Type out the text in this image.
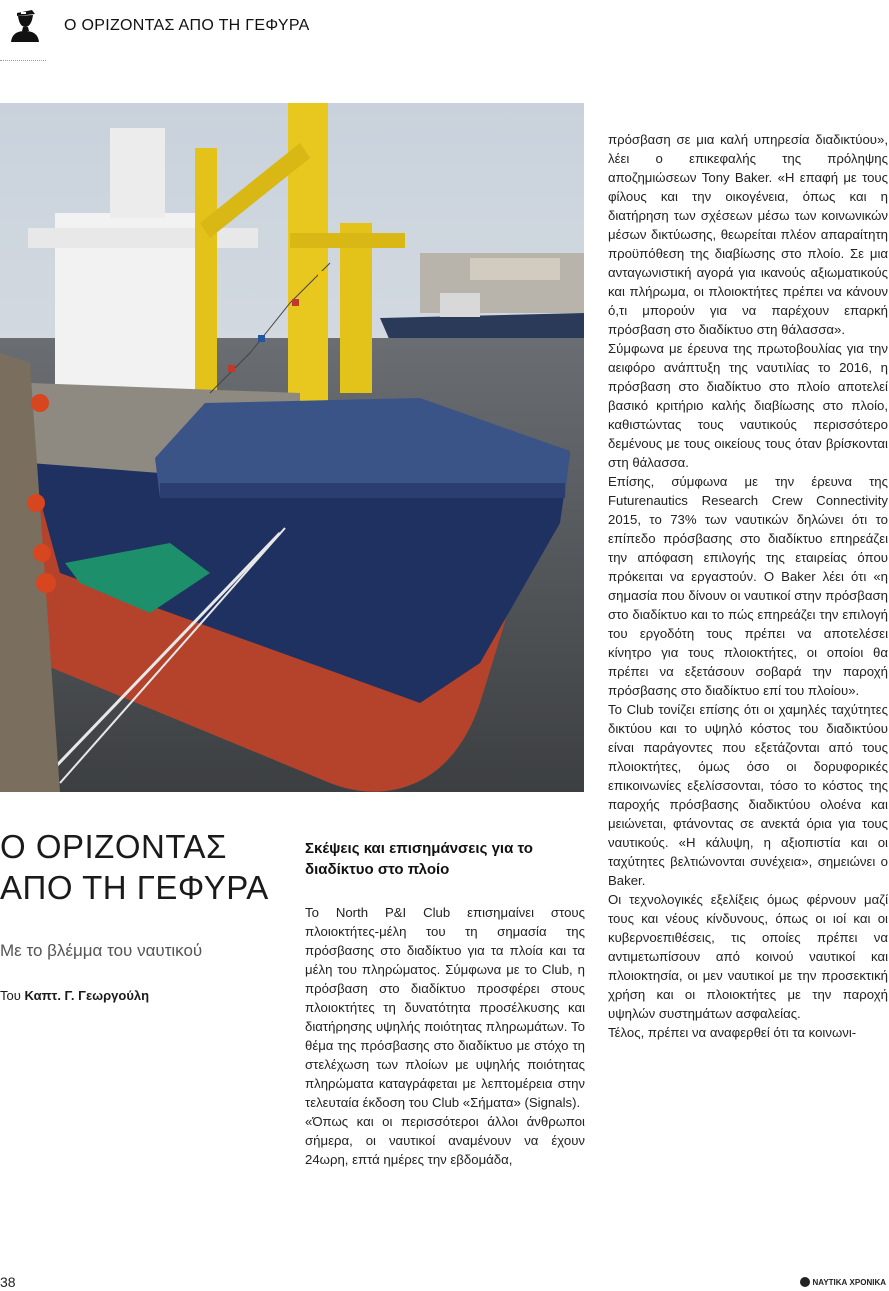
Ο ΟΡΙΖΟΝΤΑΣ ΑΠΟ ΤΗ ΓΕΦΥΡΑ
Ο ΟΡΙΖΟΝΤΑΣ
ΑΠΟ ΤΗ ΓΕΦΥΡΑ
Με το βλέμμα του ναυτικού
Του Καπτ. Γ. Γεωργούλη
Σκέψεις και επισημάνσεις για το διαδίκτυο στο πλοίο

Το North P&I Club επισημαίνει στους πλοιοκτήτες-μέλη του τη σημασία της πρόσβασης στο διαδίκτυο για τα πλοία και τα μέλη του πληρώματος. Σύμφωνα με το Club, η πρόσβαση στο διαδίκτυο προσφέρει στους πλοιοκτήτες τη δυνατότητα προσέλκυσης και διατήρησης υψηλής ποιότητας πληρωμάτων. Το θέμα της πρόσβασης στο διαδίκτυο με στόχο τη στελέχωση των πλοίων με υψηλής ποιότητας πληρώματα καταγράφεται με λεπτομέρεια στην τελευταία έκδοση του Club «Σήματα» (Signals).

«Όπως και οι περισσότεροι άλλοι άνθρωποι σήμερα, οι ναυτικοί αναμένουν να έχουν 24ωρη, επτά ημέρες την εβδομάδα,

πρόσβαση σε μια καλή υπηρεσία διαδικτύου», λέει ο επικεφαλής της πρόληψης αποζημιώσεων Tony Baker. «Η επαφή με τους φίλους και την οικογένεια, όπως και η διατήρηση των σχέσεων μέσω των κοινωνικών μέσων δικτύωσης, θεωρείται πλέον απαραίτητη προϋπόθεση της διαβίωσης στο πλοίο. Σε μια ανταγωνιστική αγορά για ικανούς αξιωματικούς και πλήρωμα, οι πλοιοκτήτες πρέπει να κάνουν ό,τι μπορούν για να παρέχουν επαρκή πρόσβαση στο διαδίκτυο στη θάλασσα».

Σύμφωνα με έρευνα της πρωτοβουλίας για την αειφόρο ανάπτυξη της ναυτιλίας το 2016, η πρόσβαση στο διαδίκτυο στο πλοίο αποτελεί βασικό κριτήριο καλής διαβίωσης στο πλοίο, καθιστώντας τους ναυτικούς περισσότερο δεμένους με τους οικείους τους όταν βρίσκονται στη θάλασσα.

Επίσης, σύμφωνα με την έρευνα της Futurenautics Research Crew Connectivity 2015, το 73% των ναυτικών δηλώνει ότι το επίπεδο πρόσβασης στο διαδίκτυο επηρεάζει την απόφαση επιλογής της εταιρείας όπου πρόκειται να εργαστούν. Ο Baker λέει ότι «η σημασία που δίνουν οι ναυτικοί στην πρόσβαση στο διαδίκτυο και το πώς επηρεάζει την επιλογή του εργοδότη τους πρέπει να αποτελέσει κίνητρο για τους πλοιοκτήτες, οι οποίοι θα πρέπει να εξετάσουν σοβαρά την παροχή πρόσβασης στο διαδίκτυο επί του πλοίου».

Το Club τονίζει επίσης ότι οι χαμηλές ταχύτητες δικτύου και το υψηλό κόστος του διαδικτύου είναι παράγοντες που εξετάζονται από τους πλοιοκτήτες, όμως όσο οι δορυφορικές επικοινωνίες εξελίσσονται, τόσο το κόστος της παροχής πρόσβασης διαδικτύου ολοένα και μειώνεται, φτάνοντας σε ανεκτά όρια για τους ναυτικούς. «Η κάλυψη, η αξιοπιστία και οι ταχύτητες βελτιώνονται συνέχεια», σημειώνει ο Baker.

Οι τεχνολογικές εξελίξεις όμως φέρνουν μαζί τους και νέους κίνδυνους, όπως οι ιοί και οι κυβερνοεπιθέσεις, τις οποίες πρέπει να αντιμετωπίσουν από κοινού ναυτικοί και πλοιοκτησία, οι μεν ναυτικοί με την προσεκτική χρήση και οι πλοιοκτήτες με την παροχή υψηλών συστημάτων ασφαλείας.

Τέλος, πρέπει να αναφερθεί ότι τα κοινωνι-

38	ΝΑΥΤΙΚΑ ΧΡΟΝΙΚΑ
